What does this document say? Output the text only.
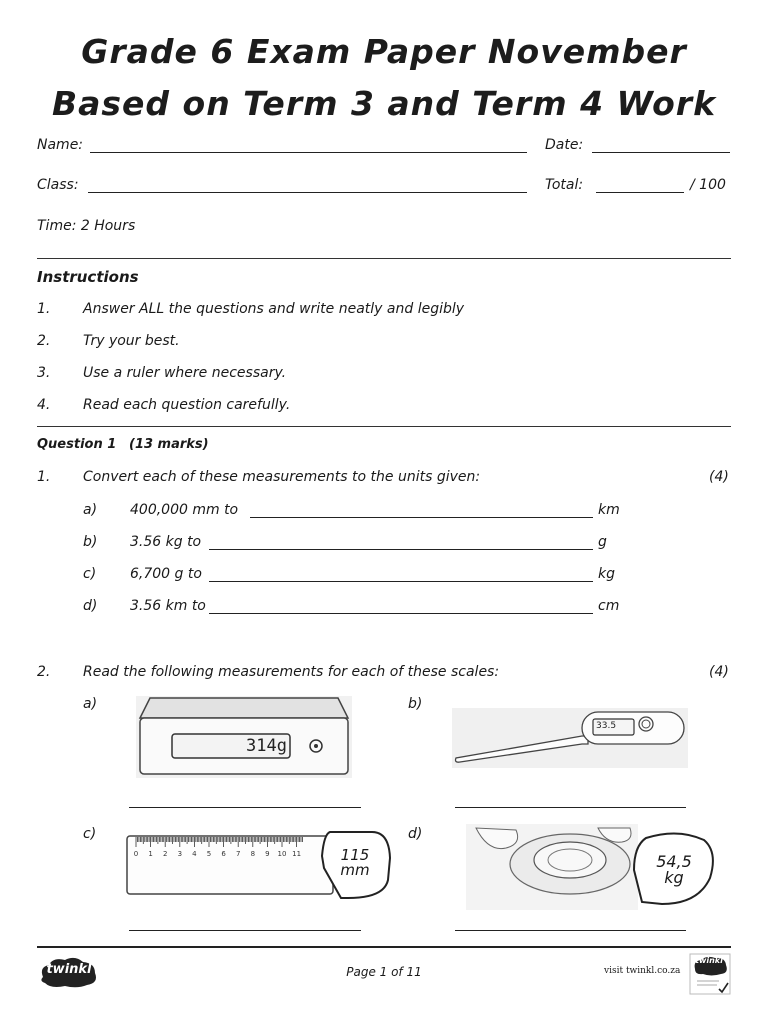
Grade 6 Exam Paper November
Based on Term 3 and Term 4 Work
Name:	Date:
Class:	Total:	/ 100
Time: 2 Hours
Instructions
1. Answer ALL the questions and write neatly and legibly
2. Try your best.
3. Use a ruler where necessary.
4. Read each question carefully.
Question 1 (13 marks)
1. Convert each of these measurements to the units given:	(4)
a) 400,000 mm to	km
b) 3.56 kg to	g
c) 6,700 g to	kg
d) 3.56 km to	cm
2. Read the following measurements for each of these scales:	(4)
a)	b)
c)	d)
314g
33.5
0 1 2 3 4 5 6 7 8 9 10 11	115 mm	54,5 kg
twinkl	Page 1 of 11	visit twinkl.co.za
twinkl
